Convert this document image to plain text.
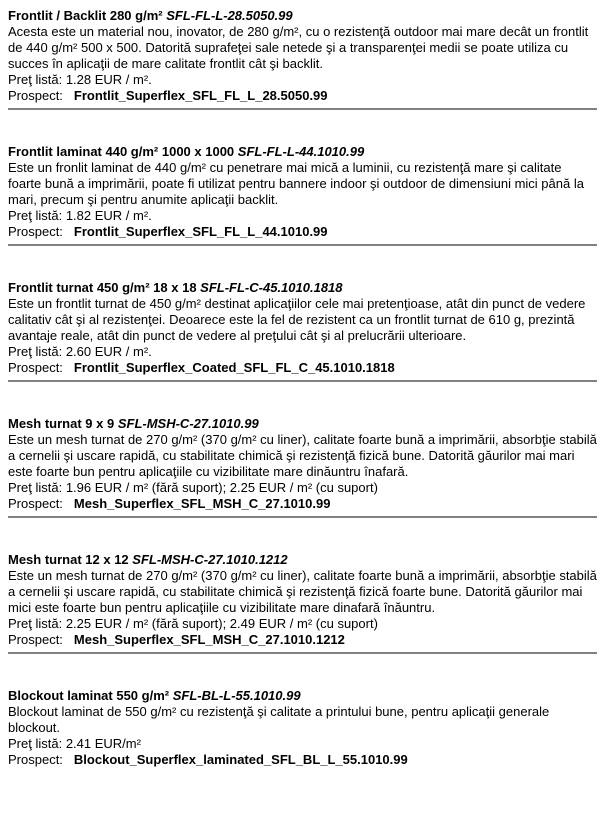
Frontlit / Backlit 280 g/m² SFL-FL-L-28.5050.99

Acesta este un material nou, inovator, de 280 g/m², cu o rezistenţă outdoor mai mare decât un frontlit de 440 g/m² 500 x 500. Datorită suprafeţei sale netede şi a transparenţei medii se poate utiliza cu succes în aplicaţii de mare calitate frontlit cât şi backlit.

Preţ listă: 1.28 EUR / m².

Prospect: Frontlit_Superflex_SFL_FL_L_28.5050.99

Frontlit laminat 440 g/m² 1000 x 1000 SFL-FL-L-44.1010.99

Este un fronlit laminat de 440 g/m² cu penetrare mai mică a luminii, cu rezistenţă mare şi calitate foarte bună a imprimării, poate fi utilizat pentru bannere indoor şi outdoor de dimensiuni mici până la mari, precum şi pentru anumite aplicaţii backlit.

Preţ listă: 1.82 EUR / m².

Prospect: Frontlit_Superflex_SFL_FL_L_44.1010.99

Frontlit turnat 450 g/m² 18 x 18 SFL-FL-C-45.1010.1818

Este un frontlit turnat de 450 g/m² destinat aplicaţiilor cele mai pretenţioase, atât din punct de vedere calitativ cât şi al rezistenţei. Deoarece este la fel de rezistent ca un frontlit turnat de 610 g, prezintă avantaje reale, atât din punct de vedere al preţului cât şi al prelucrării ulterioare.

Preţ listă: 2.60 EUR / m².

Prospect: Frontlit_Superflex_Coated_SFL_FL_C_45.1010.1818

Mesh turnat 9 x 9 SFL-MSH-C-27.1010.99

Este un mesh turnat de 270 g/m² (370 g/m² cu liner), calitate foarte bună a imprimării, absorbţie stabilă a cernelii şi uscare rapidă, cu stabilitate chimică şi rezistenţă fizică bune. Datorită găurilor mai mari este foarte bun pentru aplicaţiile cu vizibilitate mare dinăuntru înafară.

Preţ listă: 1.96 EUR / m² (fără suport); 2.25 EUR / m² (cu suport)

Prospect: Mesh_Superflex_SFL_MSH_C_27.1010.99

Mesh turnat 12 x 12 SFL-MSH-C-27.1010.1212

Este un mesh turnat de 270 g/m² (370 g/m² cu liner), calitate foarte bună a imprimării, absorbţie stabilă a cernelii şi uscare rapidă, cu stabilitate chimică şi rezistenţă fizică foarte bune. Datorită găurilor mai mici este foarte bun pentru aplicaţiile cu vizibilitate mare dinafară înăuntru.

Preţ listă: 2.25 EUR / m² (fără suport); 2.49 EUR / m² (cu suport)

Prospect: Mesh_Superflex_SFL_MSH_C_27.1010.1212

Blockout laminat 550 g/m² SFL-BL-L-55.1010.99

Blockout laminat de 550 g/m² cu rezistenţă şi calitate a printului bune, pentru aplicaţii generale blockout.

Preţ listă: 2.41 EUR/m²

Prospect: Blockout_Superflex_laminated_SFL_BL_L_55.1010.99
